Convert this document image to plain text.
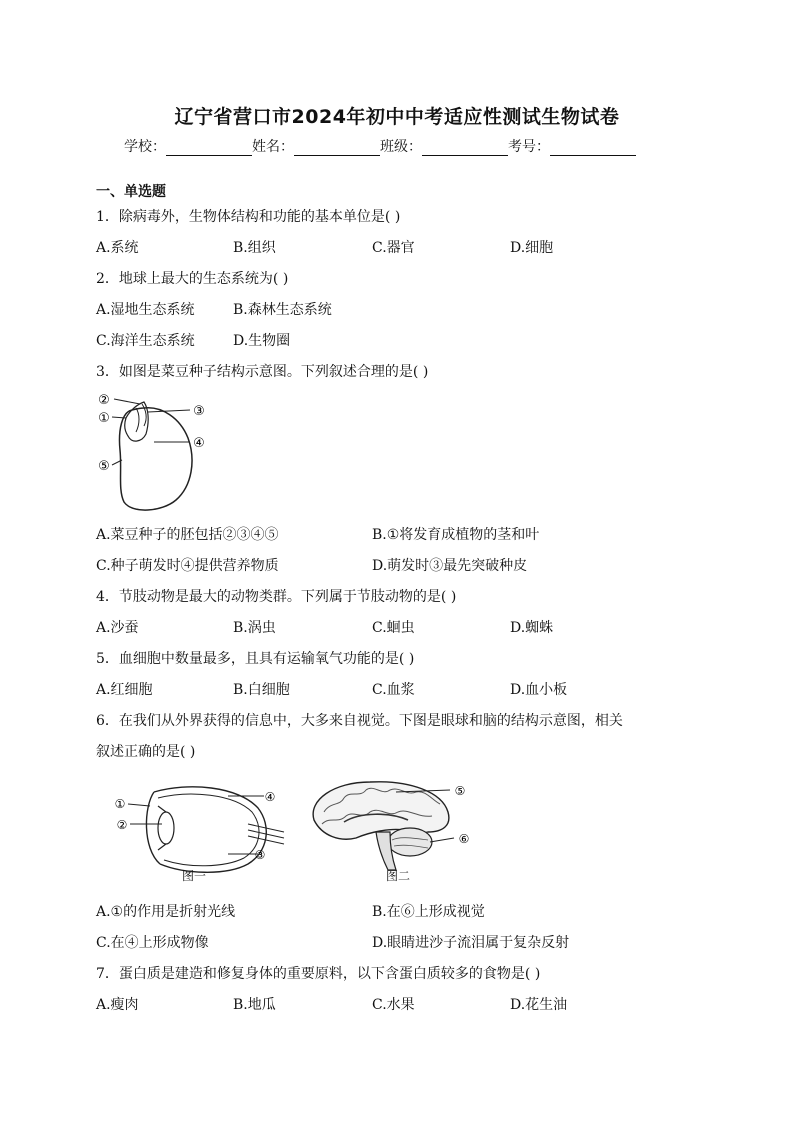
辽宁省营口市2024年初中中考适应性测试生物试卷
学校：	姓名：	班级：	考号：
一、单选题
1．除病毒外，生物体结构和功能的基本单位是( )
A.系统	B.组织	C.器官	D.细胞
2．地球上最大的生态系统为( )
A.湿地生态系统	B.森林生态系统
C.海洋生态系统	D.生物圈
3．如图是菜豆种子结构示意图。下列叙述合理的是( )
②
①	③
④
⑤
A.菜豆种子的胚包括②③④⑤	B.①将发育成植物的茎和叶
C.种子萌发时④提供营养物质	D.萌发时③最先突破种皮
4．节肢动物是最大的动物类群。下列属于节肢动物的是( )
A.沙蚕	B.涡虫	C.蛔虫	D.蜘蛛
5．血细胞中数量最多，且具有运输氧气功能的是( )
A.红细胞	B.白细胞	C.血浆	D.血小板
6．在我们从外界获得的信息中，大多来自视觉。下图是眼球和脑的结构示意图，相关
叙述正确的是( )
①
②
③
④
图一
⑤
⑥
图二
A.①的作用是折射光线	B.在⑥上形成视觉
C.在④上形成物像	D.眼睛进沙子流泪属于复杂反射
7．蛋白质是建造和修复身体的重要原料，以下含蛋白质较多的食物是( )
A.瘦肉	B.地瓜	C.水果	D.花生油
